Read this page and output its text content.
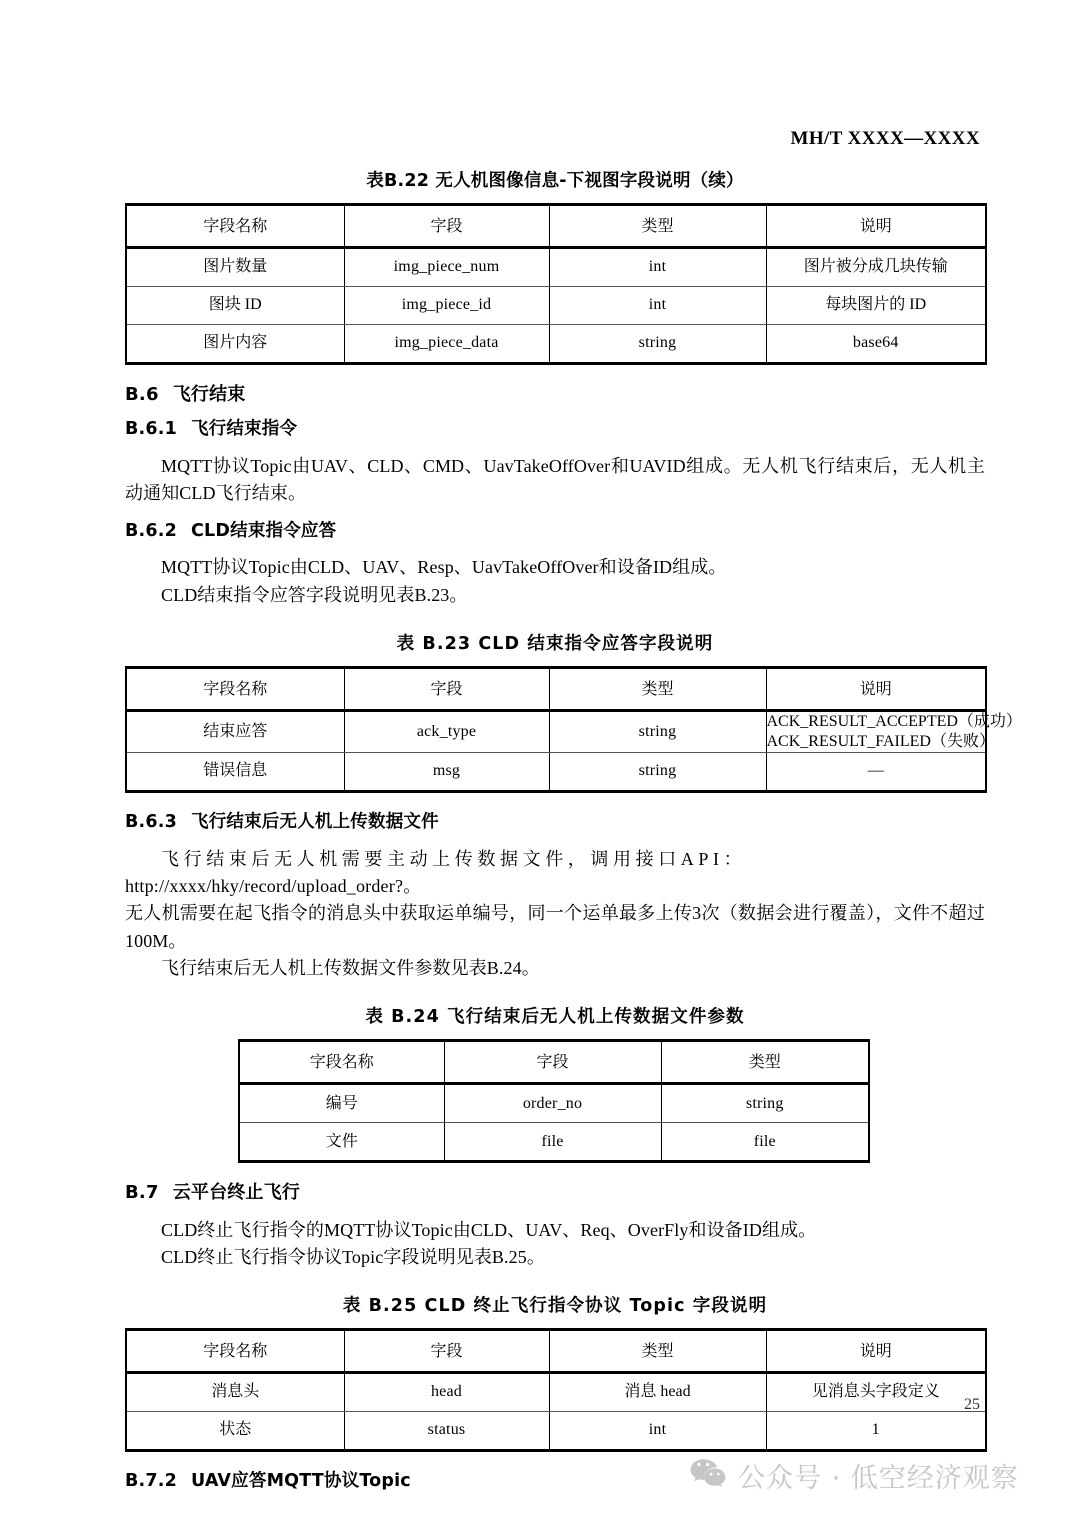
MH/T XXXX—XXXX
表B.22 无人机图像信息-下视图字段说明（续）
字段名称	字段	类型	说明
图片数量	img_piece_num	int	图片被分成几块传输
图块 ID	img_piece_id	int	每块图片的 ID
图片内容	img_piece_data	string	base64
B.6 飞行结束
B.6.1 飞行结束指令

MQTT协议Topic由UAV、CLD、CMD、UavTakeOffOver和UAVID组成。无人机飞行结束后，无人机主动通知CLD飞行结束。

B.6.2 CLD结束指令应答

MQTT协议Topic由CLD、UAV、Resp、UavTakeOffOver和设备ID组成。

CLD结束指令应答字段说明见表B.23。

表 B.23 CLD 结束指令应答字段说明
字段名称	字段	类型	说明
结束应答	ack_type	string	ACK_RESULT_ACCEPTED（成功）
ACK_RESULT_FAILED（失败）

错误信息	msg	string	—
B.6.3 飞行结束后无人机上传数据文件

飞行结束后无人机需要主动上传数据文件，调用接口API：
http://xxxx/hky/record/upload_order?。

无人机需要在起飞指令的消息头中获取运单编号，同一个运单最多上传3次（数据会进行覆盖），文件不超过100M。

飞行结束后无人机上传数据文件参数见表B.24。

表 B.24 飞行结束后无人机上传数据文件参数
字段名称	字段	类型
编号	order_no	string
文件	file	file
B.7 云平台终止飞行

CLD终止飞行指令的MQTT协议Topic由CLD、UAV、Req、OverFly和设备ID组成。

CLD终止飞行指令协议Topic字段说明见表B.25。

表 B.25 CLD 终止飞行指令协议 Topic 字段说明
字段名称	字段	类型	说明
消息头	head	消息 head	见消息头字段定义
状态	status	int	1
B.7.2 UAV应答MQTT协议Topic
25
公众号 · 低空经济观察
